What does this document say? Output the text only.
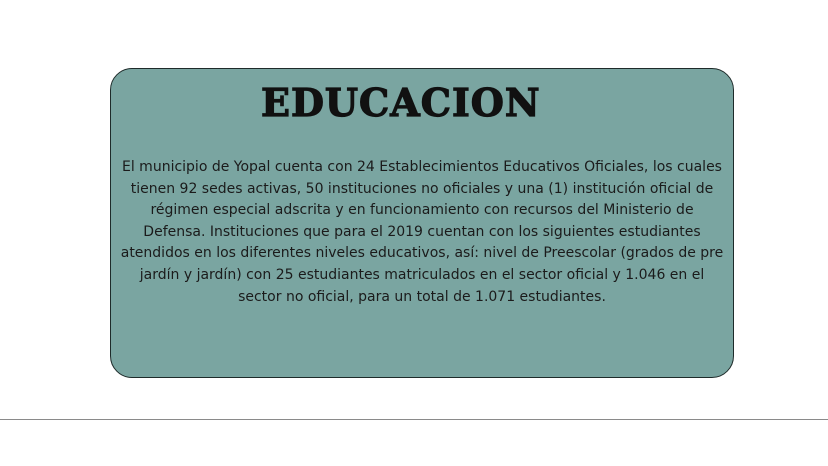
EDUCACION

El municipio de Yopal cuenta con 24 Establecimientos Educativos Oficiales, los cuales tienen 92 sedes activas, 50 instituciones no oficiales y una (1) institución oficial de régimen especial adscrita y en funcionamiento con recursos del Ministerio de Defensa. Instituciones que para el 2019 cuentan con los siguientes estudiantes atendidos en los diferentes niveles educativos, así: nivel de Preescolar (grados de pre jardín y jardín) con 25 estudiantes matriculados en el sector oficial y 1.046 en el sector no oficial, para un total de 1.071 estudiantes.
